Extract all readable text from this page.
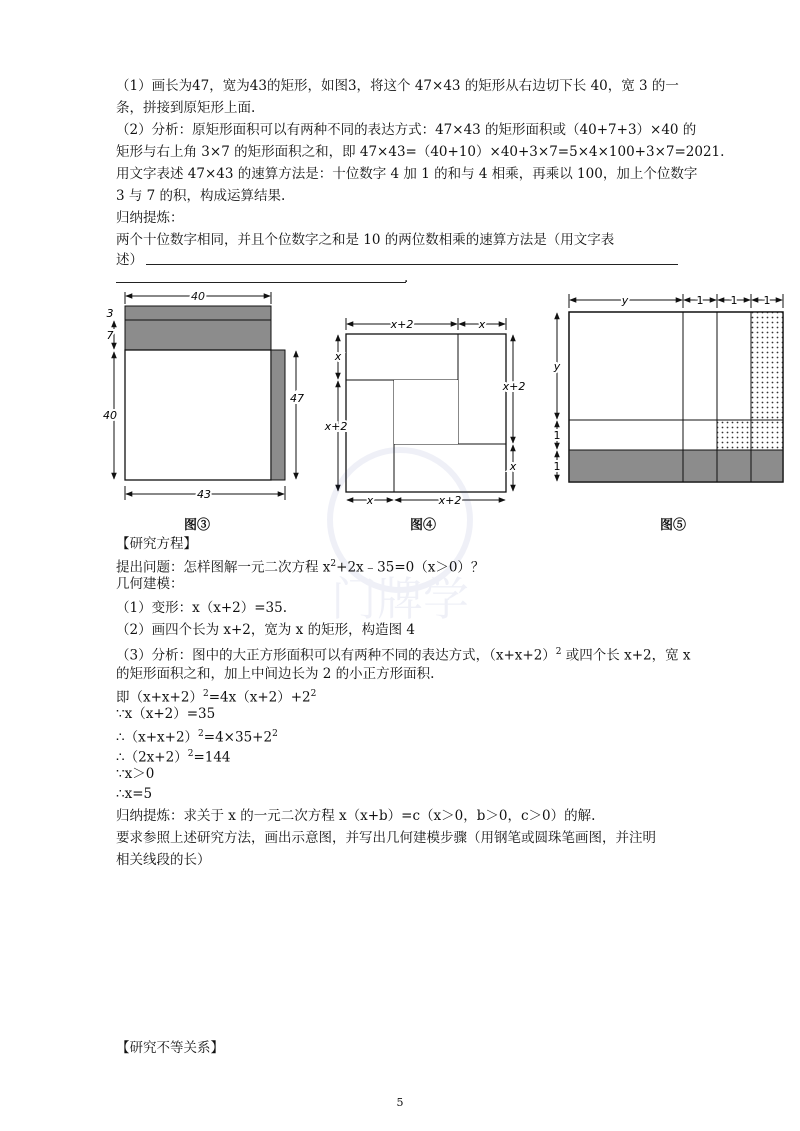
（1）画长为47，宽为43的矩形，如图3，将这个 47×43 的矩形从右边切下长 40，宽 3 的一
条，拼接到原矩形上面.
（2）分析：原矩形面积可以有两种不同的表达方式：47×43 的矩形面积或（40+7+3）×40 的
矩形与右上角 3×7 的矩形面积之和，即 47×43=（40+10）×40+3×7=5×4×100+3×7=2021.
用文字表述 47×43 的速算方法是：十位数字 4 加 1 的和与 4 相乘，再乘以 100，加上个位数字
3 与 7 的积，构成运算结果.
归纳提炼：
两个十位数字相同，并且个位数字之和是 10 的两位数相乘的速算方法是（用文字表
述）
.
40
3
7
40
47
43
x+2	x
x
x+2
x+2
x
x	x+2
y	1 1 1
y
1
1
图③	图④	图⑤
门牌学
【研究方程】
提出问题：怎样图解一元二次方程 $x^2+2x﹣35=0(x>0)$？
几何建模：
（1）变形：x（x+2）=35.
（2）画四个长为 x+2，宽为 x 的矩形，构造图 4
（3）分析：图中的大正方形面积可以有两种不同的表达方式，$(x+x+2)^2$ 或四个长 x+2，宽 x
的矩形面积之和，加上中间边长为 2 的小正方形面积.
即$(x+x+2)^2=4x(x+2)+2^2$
∵x（x+2）=35
$\therefore(x+x+2)^2=4\times 35+2^2$
$\therefore(2x+2)^2=144$
∵x＞0
∴x=5
归纳提炼：求关于 x 的一元二次方程 x（x+b）=c（x＞0，b＞0，c＞0）的解.
要求参照上述研究方法，画出示意图，并写出几何建模步骤（用钢笔或圆珠笔画图，并注明
相关线段的长）
【研究不等关系】
5
